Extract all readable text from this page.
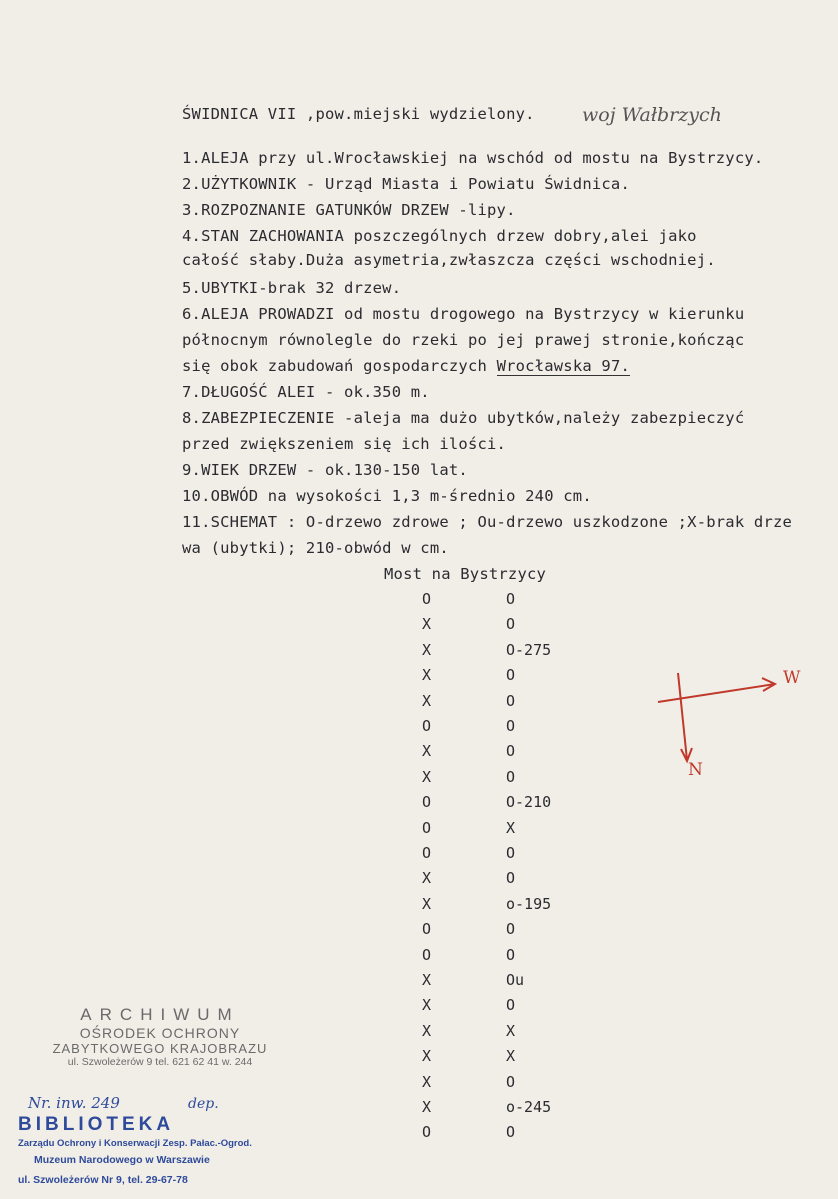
ŚWIDNICA VII ,pow.miejski wydzielony. woj Wałbrzych
1.ALEJA przy ul.Wrocławskiej na wschód od mostu na Bystrzycy.
2.UŻYTKOWNIK - Urząd Miasta i Powiatu Świdnica.
3.ROZPOZNANIE GATUNKÓW DRZEW -lipy.
4.STAN ZACHOWANIA poszczególnych drzew dobry,alei jako
całość słaby.Duża asymetria,zwłaszcza części wschodniej.
5.UBYTKI-brak 32 drzew.
6.ALEJA PROWADZI od mostu drogowego na Bystrzycy w kierunku
północnym równolegle do rzeki po jej prawej stronie,kończąc
się obok zabudowań gospodarczych Wrocławska 97.
7.DŁUGOŚĆ ALEI - ok.350 m.
8.ZABEZPIECZENIE -aleja ma dużo ubytków,należy zabezpieczyć
przed zwiększeniem się ich ilości.
9.WIEK DRZEW - ok.130-150 lat.
10.OBWÓD na wysokości 1,3 m-średnio 240 cm.
11.SCHEMAT : O-drzewo zdrowe ; Ou-drzewo uszkodzone ;X-brak drze
wa (ubytki); 210-obwód w cm.
Most na Bystrzycy
O	O
X	O
X	O-275
X	O
X	O
O	O
X	O
X	O
O	O-210
O	X
O	O
X	O
X	o-195
O	O
O	O
X	Ou
X	O
X	X
X	X
X	O
X	o-245
O	O
W
N
ARCHIWUM
OŚRODEK OCHRONY
ZABYTKOWEGO KRAJOBRAZU
ul. Szwoleżerów 9 tel. 621 62 41 w. 244
Nr. inw. 249	dep.
BIBLIOTEKA
Zarządu Ochrony i Konserwacji Zesp. Pałac.-Ogrod.
Muzeum Narodowego w Warszawie
ul. Szwoleżerów Nr 9, tel. 29-67-78
